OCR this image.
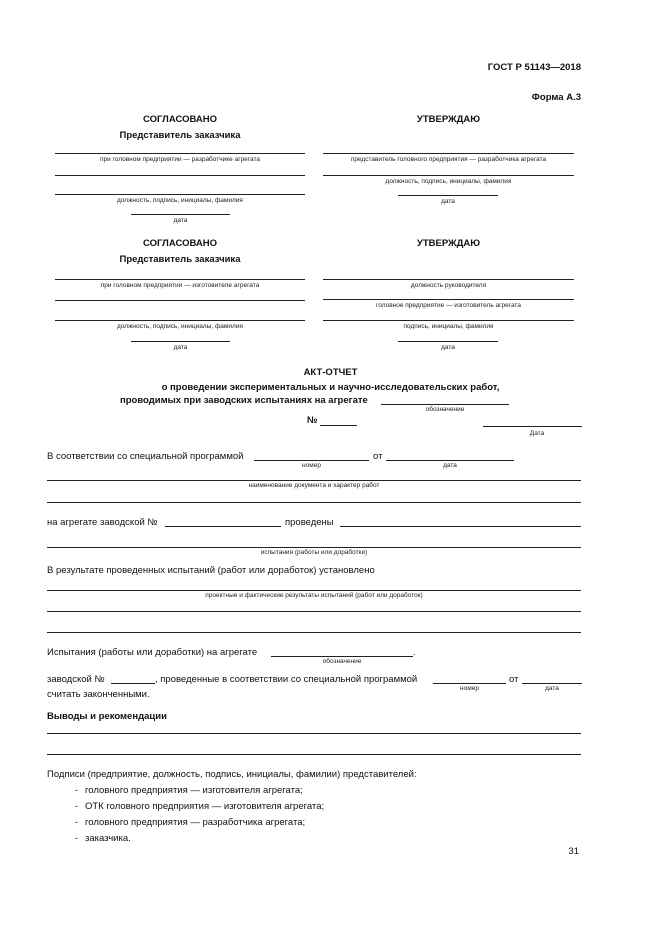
ГОСТ Р 51143—2018
Форма А.3
СОГЛАСОВАНО
Представитель заказчика
при головном предприятии — разработчике агрегата
должность, подпись, инициалы, фамилия
дата
УТВЕРЖДАЮ
представитель головного предприятия — разработчика агрегата
должность, подпись, инициалы, фамилия
дата
СОГЛАСОВАНО
Представитель заказчика
при головном предприятии — изготовителе агрегата
должность, подпись, инициалы, фамилия
дата
УТВЕРЖДАЮ
должность руководителя
головное предприятие — изготовитель агрегата
подпись, инициалы, фамилия
дата
АКТ-ОТЧЕТ
о проведении экспериментальных и научно-исследовательских работ,
проводимых при заводских испытаниях на агрегате
обозначение
№
Дата
В соответствии со специальной программой
номер
от
дата
наименование документа и характер работ
на агрегате заводской №	проведены
испытания (работы или доработки)
В результате проведенных испытаний (работ или доработок) установлено
проектные и фактические результаты испытаний (работ или доработок)
Испытания (работы или доработки) на агрегате	.
обозначение
заводской №	, проведенные в соответствии со специальной программой
номер
от
дата
считать законченными.
Выводы и рекомендации
Подписи (предприятие, должность, подпись, инициалы, фамилии) представителей:
- головного предприятия — изготовителя агрегата;
- ОТК головного предприятия — изготовителя агрегата;
- головного предприятия — разработчика агрегата;
- заказчика.
31
